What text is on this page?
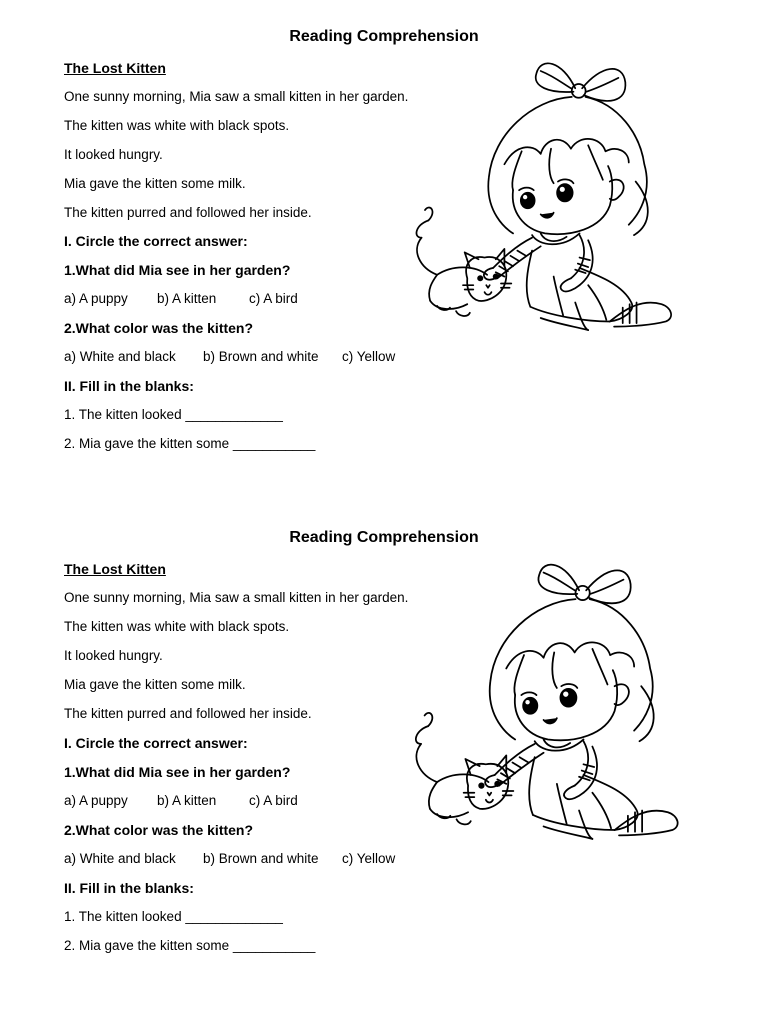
Reading Comprehension
The Lost Kitten
One sunny morning, Mia saw a small kitten in her garden.
The kitten was white with black spots.
It looked hungry.
Mia gave the kitten some milk.
The kitten purred and followed her inside.
I. Circle the correct answer:
1.What did Mia see in her garden?
a) A puppy b) A kitten c) A bird
2.What color was the kitten?
a) White and black b) Brown and white c) Yellow
II. Fill in the blanks:
1. The kitten looked _____________
2. Mia gave the kitten some ___________
Reading Comprehension
The Lost Kitten
One sunny morning, Mia saw a small kitten in her garden.
The kitten was white with black spots.
It looked hungry.
Mia gave the kitten some milk.
The kitten purred and followed her inside.
I. Circle the correct answer:
1.What did Mia see in her garden?
a) A puppy b) A kitten c) A bird
2.What color was the kitten?
a) White and black b) Brown and white c) Yellow
II. Fill in the blanks:
1. The kitten looked _____________
2. Mia gave the kitten some ___________
